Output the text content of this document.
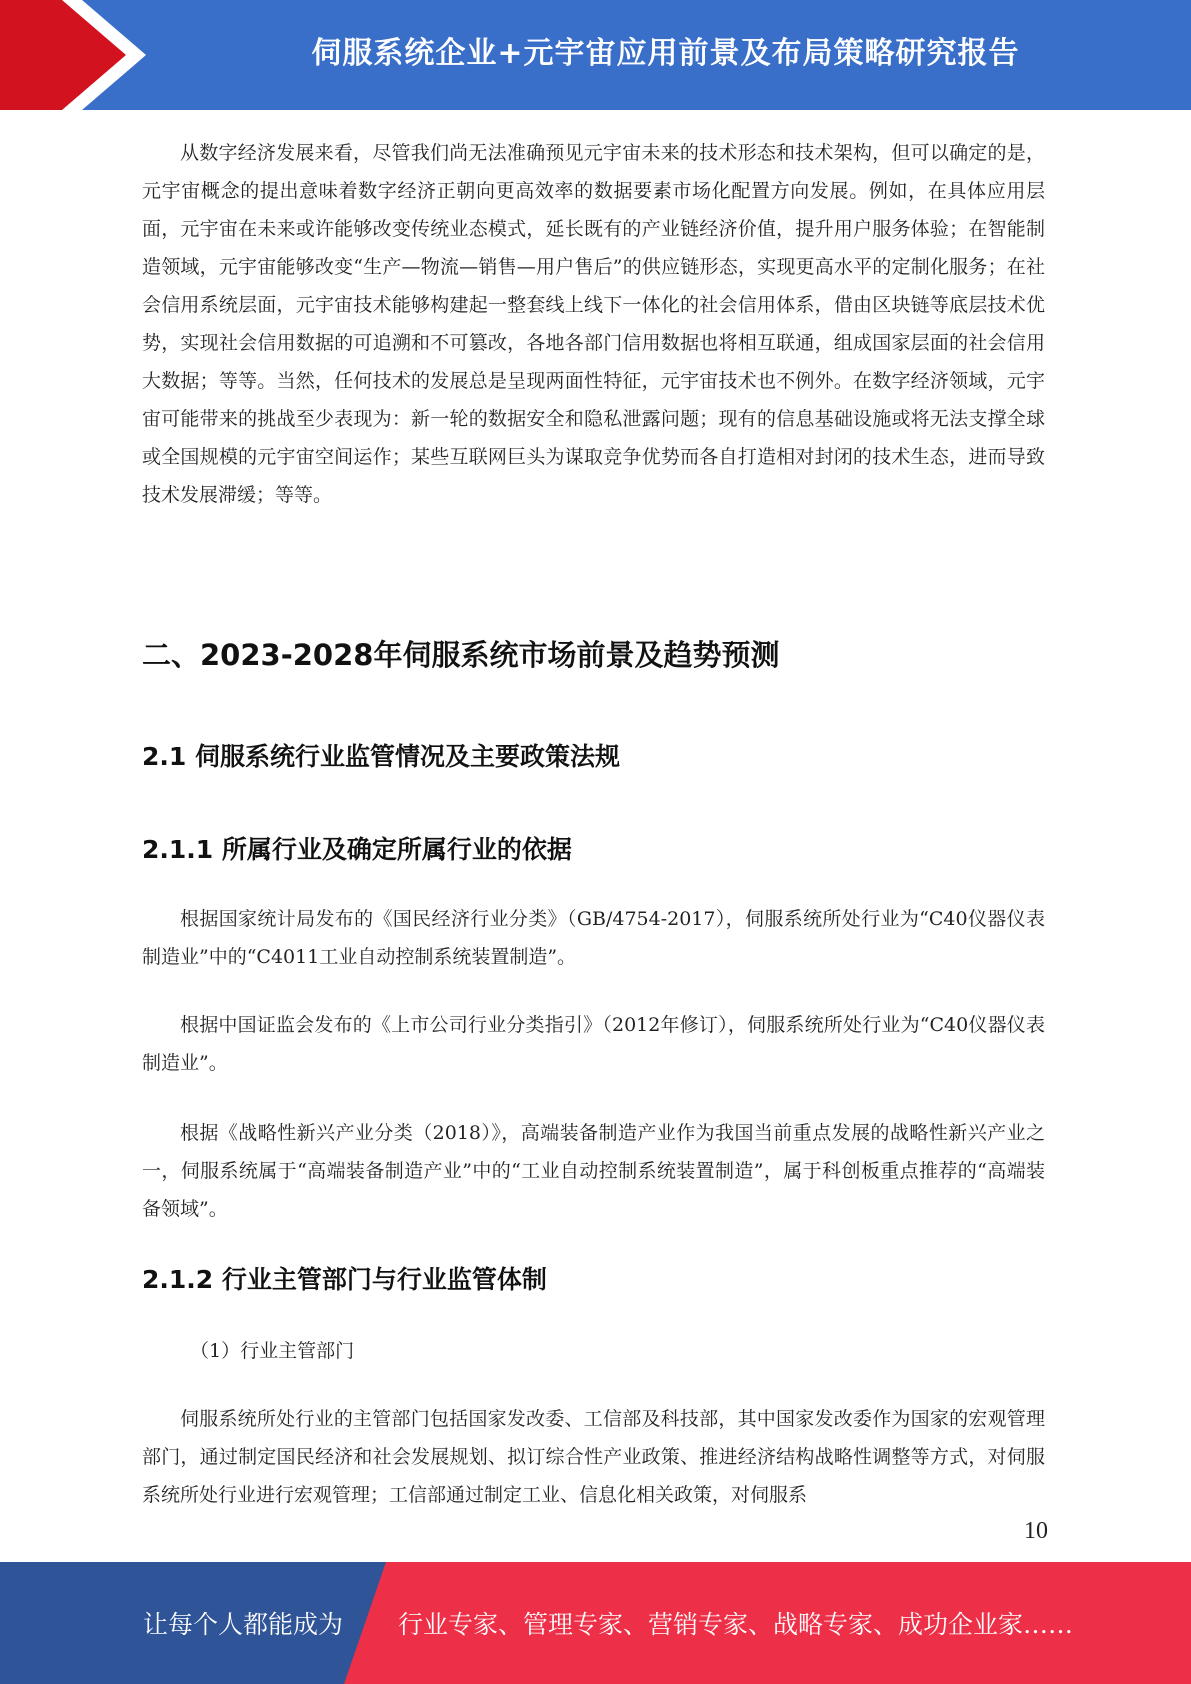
伺服系统企业+元宇宙应用前景及布局策略研究报告

从数字经济发展来看，尽管我们尚无法准确预见元宇宙未来的技术形态和技术架构，但可以确定的是，元宇宙概念的提出意味着数字经济正朝向更高效率的数据要素市场化配置方向发展。例如，在具体应用层面，元宇宙在未来或许能够改变传统业态模式，延长既有的产业链经济价值，提升用户服务体验；在智能制造领域，元宇宙能够改变“生产—物流—销售—用户售后”的供应链形态，实现更高水平的定制化服务；在社会信用系统层面，元宇宙技术能够构建起一整套线上线下一体化的社会信用体系，借由区块链等底层技术优势，实现社会信用数据的可追溯和不可篡改，各地各部门信用数据也将相互联通，组成国家层面的社会信用大数据；等等。当然，任何技术的发展总是呈现两面性特征，元宇宙技术也不例外。在数字经济领域，元宇宙可能带来的挑战至少表现为：新一轮的数据安全和隐私泄露问题；现有的信息基础设施或将无法支撑全球或全国规模的元宇宙空间运作；某些互联网巨头为谋取竞争优势而各自打造相对封闭的技术生态，进而导致技术发展滞缓；等等。

二、2023-2028年伺服系统市场前景及趋势预测
2.1 伺服系统行业监管情况及主要政策法规
2.1.1 所属行业及确定所属行业的依据

根据国家统计局发布的《国民经济行业分类》（GB/4754-2017），伺服系统所处行业为“C40仪器仪表制造业”中的“C4011工业自动控制系统装置制造”。

根据中国证监会发布的《上市公司行业分类指引》（2012年修订），伺服系统所处行业为“C40仪器仪表制造业”。

根据《战略性新兴产业分类（2018）》，高端装备制造产业作为我国当前重点发展的战略性新兴产业之一，伺服系统属于“高端装备制造产业”中的“工业自动控制系统装置制造”，属于科创板重点推荐的“高端装备领域”。

2.1.2 行业主管部门与行业监管体制

（1）行业主管部门

伺服系统所处行业的主管部门包括国家发改委、工信部及科技部，其中国家发改委作为国家的宏观管理部门，通过制定国民经济和社会发展规划、拟订综合性产业政策、推进经济结构战略性调整等方式，对伺服系统所处行业进行宏观管理；工信部通过制定工业、信息化相关政策，对伺服系

10
让每个人都能成为 行业专家、管理专家、营销专家、战略专家、成功企业家……
